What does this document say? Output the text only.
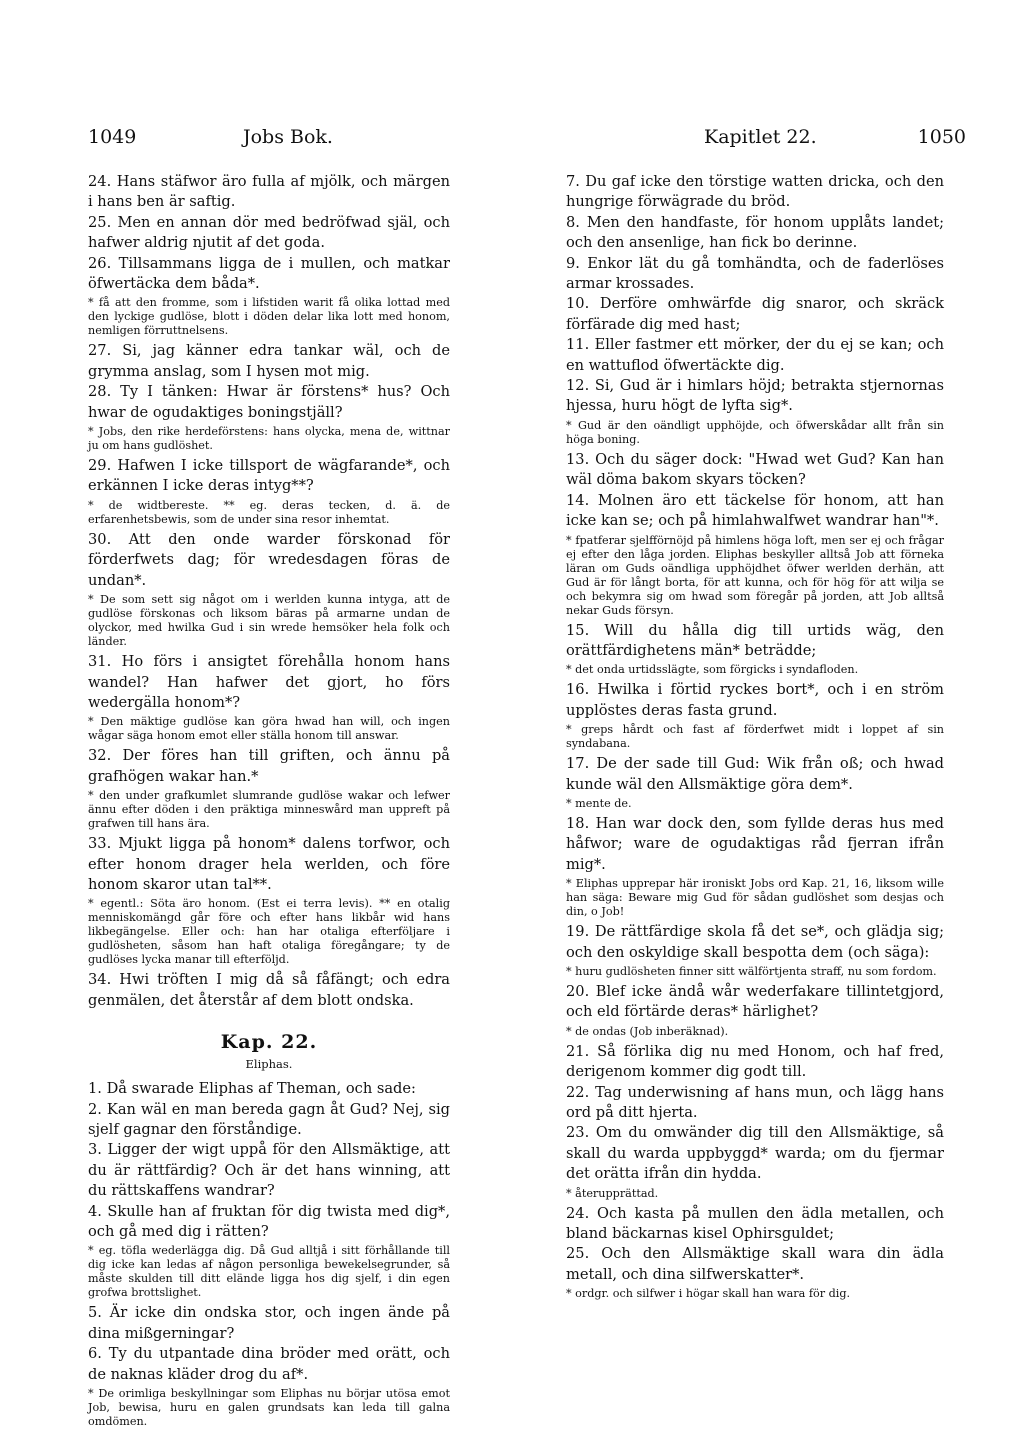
1049	Jobs Bok.	Kapitlet 22.	1050

24. Hans stäfwor äro fulla af mjölk, och märgen i hans ben är saftig.

25. Men en annan dör med bedröfwad själ, och hafwer aldrig njutit af det goda.

26. Tillsammans ligga de i mullen, och matkar öfwertäcka dem båda*.

* få att den fromme, som i lifstiden warit få olika lottad med den lyckige gudlöse, blott i döden delar lika lott med honom, nemligen förruttnelsens.

27. Si, jag känner edra tankar wäl, och de grymma anslag, som I hysen mot mig.

28. Ty I tänken: Hwar är förstens* hus? Och hwar de ogudaktiges boningstjäll?

* Jobs, den rike herdeförstens: hans olycka, mena de, wittnar ju om hans gudlöshet.

29. Hafwen I icke tillsport de wägfarande*, och erkännen I icke deras intyg**?

* de widtbereste. ** eg. deras tecken, d. ä. de erfarenhetsbewis, som de under sina resor inhemtat.

30. Att den onde warder förskonad för förderfwets dag; för wredesdagen föras de undan*.

* De som sett sig något om i werlden kunna intyga, att de gudlöse förskonas och liksom bäras på armarne undan de olyckor, med hwilka Gud i sin wrede hemsöker hela folk och länder.

31. Ho förs i ansigtet förehålla honom hans wandel? Han hafwer det gjort, ho förs wedergälla honom*?

* Den mäktige gudlöse kan göra hwad han will, och ingen wågar säga honom emot eller ställa honom till answar.

32. Der föres han till griften, och ännu på grafhögen wakar han.*

* den under grafkumlet slumrande gudlöse wakar och lefwer ännu efter döden i den präktiga minneswård man uppreft på grafwen till hans ära.

33. Mjukt ligga på honom* dalens torfwor, och efter honom drager hela werlden, och före honom skaror utan tal**.

* egentl.: Söta äro honom. (Est ei terra levis). ** en otalig menniskomängd går före och efter hans likbår wid hans likbegängelse. Eller och: han har otaliga efterföljare i gudlösheten, såsom han haft otaliga föregångare; ty de gudlöses lycka manar till efterföljd.

34. Hwi tröften I mig då så fåfängt; och edra genmälen, det återstår af dem blott ondska.

Kap. 22.

Eliphas.

1. Då swarade Eliphas af Theman, och sade:

2. Kan wäl en man bereda gagn åt Gud? Nej, sig sjelf gagnar den förståndige.

3. Ligger der wigt uppå för den Allsmäktige, att du är rättfärdig? Och är det hans winning, att du rättskaffens wandrar?

4. Skulle han af fruktan för dig twista med dig*, och gå med dig i rätten?

* eg. töfla wederlägga dig. Då Gud alltjå i sitt förhållande till dig icke kan ledas af någon personliga bewekelsegrunder, så måste skulden till ditt elände ligga hos dig sjelf, i din egen grofwa brottslighet.

5. Är icke din ondska stor, och ingen ände på dina mißgerningar?

6. Ty du utpantade dina bröder med orätt, och de naknas kläder drog du af*.

* De orimliga beskyllningar som Eliphas nu börjar utösa emot Job, bewisa, huru en galen grundsats kan leda till galna omdömen.

7. Du gaf icke den törstige watten dricka, och den hungrige förwägrade du bröd.

8. Men den handfaste, för honom upplåts landet; och den ansenlige, han fick bo derinne.

9. Enkor lät du gå tomhändta, och de faderlöses armar krossades.

10. Derföre omhwärfde dig snaror, och skräck förfärade dig med hast;

11. Eller fastmer ett mörker, der du ej se kan; och en wattuflod öfwertäckte dig.

12. Si, Gud är i himlars höjd; betrakta stjernornas hjessa, huru högt de lyfta sig*.

* Gud är den oändligt upphöjde, och öfwerskådar allt från sin höga boning.

13. Och du säger dock: "Hwad wet Gud? Kan han wäl döma bakom skyars töcken?

14. Molnen äro ett täckelse för honom, att han icke kan se; och på himlahwalfwet wandrar han"*.

* fpatferar sjelfförnöjd på himlens höga loft, men ser ej och frågar ej efter den låga jorden. Eliphas beskyller alltså Job att förneka läran om Guds oändliga upphöjdhet öfwer werlden derhän, att Gud är för långt borta, för att kunna, och för hög för att wilja se och bekymra sig om hwad som föregår på jorden, att Job alltså nekar Guds försyn.

15. Will du hålla dig till urtids wäg, den orättfärdighetens män* beträdde;

* det onda urtidsslägte, som förgicks i syndafloden.

16. Hwilka i förtid ryckes bort*, och i en ström upplöstes deras fasta grund.

* greps hårdt och fast af förderfwet midt i loppet af sin syndabana.

17. De der sade till Gud: Wik från oß; och hwad kunde wäl den Allsmäktige göra dem*.

* mente de.

18. Han war dock den, som fyllde deras hus med håfwor; ware de ogudaktigas råd fjerran ifrån mig*.

* Eliphas upprepar här ironiskt Jobs ord Kap. 21, 16, liksom wille han säga: Beware mig Gud för sådan gudlöshet som desjas och din, o Job!

19. De rättfärdige skola få det se*, och glädja sig; och den oskyldige skall bespotta dem (och säga):

* huru gudlösheten finner sitt wälförtjenta straff, nu som fordom.

20. Blef icke ändå wår wederfakare tillintetgjord, och eld förtärde deras* härlighet?

* de ondas (Job inberäknad).

21. Så förlika dig nu med Honom, och haf fred, derigenom kommer dig godt till.

22. Tag underwisning af hans mun, och lägg hans ord på ditt hjerta.

23. Om du omwänder dig till den Allsmäktige, så skall du warda uppbyggd* warda; om du fjermar det orätta ifrån din hydda.

* återupprättad.

24. Och kasta på mullen den ädla metallen, och bland bäckarnas kisel Ophirsguldet;

25. Och den Allsmäktige skall wara din ädla metall, och dina silfwerskatter*.

* ordgr. och silfwer i högar skall han wara för dig.
